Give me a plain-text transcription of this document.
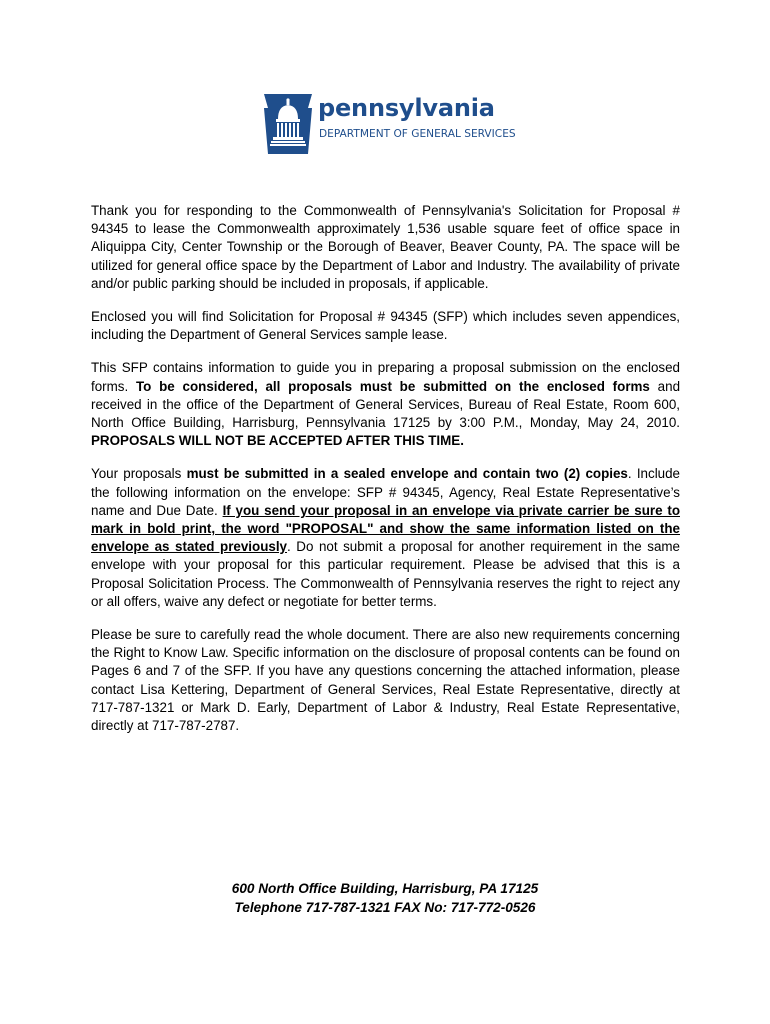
pennsylvania
DEPARTMENT OF GENERAL SERVICES

Thank you for responding to the Commonwealth of Pennsylvania's Solicitation for Proposal # 94345 to lease the Commonwealth approximately 1,536 usable square feet of office space in Aliquippa City, Center Township or the Borough of Beaver, Beaver County, PA. The space will be utilized for general office space by the Department of Labor and Industry. The availability of private and/or public parking should be included in proposals, if applicable.

Enclosed you will find Solicitation for Proposal # 94345 (SFP) which includes seven appendices, including the Department of General Services sample lease.

This SFP contains information to guide you in preparing a proposal submission on the enclosed forms. To be considered, all proposals must be submitted on the enclosed forms and received in the office of the Department of General Services, Bureau of Real Estate, Room 600, North Office Building, Harrisburg, Pennsylvania 17125 by 3:00 P.M., Monday, May 24, 2010. PROPOSALS WILL NOT BE ACCEPTED AFTER THIS TIME.

Your proposals must be submitted in a sealed envelope and contain two (2) copies. Include the following information on the envelope: SFP # 94345, Agency, Real Estate Representative’s name and Due Date. If you send your proposal in an envelope via private carrier be sure to mark in bold print, the word "PROPOSAL" and show the same information listed on the envelope as stated previously. Do not submit a proposal for another requirement in the same envelope with your proposal for this particular requirement. Please be advised that this is a Proposal Solicitation Process. The Commonwealth of Pennsylvania reserves the right to reject any or all offers, waive any defect or negotiate for better terms.

Please be sure to carefully read the whole document. There are also new requirements concerning the Right to Know Law. Specific information on the disclosure of proposal contents can be found on Pages 6 and 7 of the SFP. If you have any questions concerning the attached information, please contact Lisa Kettering, Department of General Services, Real Estate Representative, directly at 717-787-1321 or Mark D. Early, Department of Labor & Industry, Real Estate Representative, directly at 717-787-2787.

600 North Office Building, Harrisburg, PA 17125
Telephone 717-787-1321 FAX No: 717-772-0526
